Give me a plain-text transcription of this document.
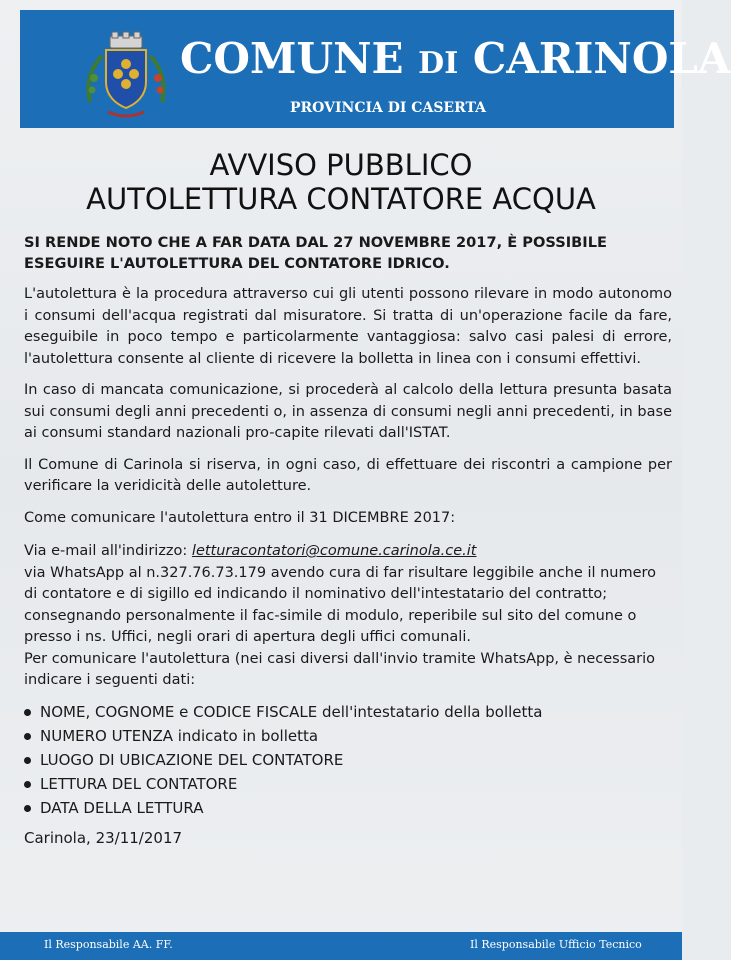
COMUNE DI CARINOLA
PROVINCIA DI CASERTA
AVVISO PUBBLICO
AUTOLETTURA CONTATORE ACQUA

SI RENDE NOTO CHE A FAR DATA DAL 27 NOVEMBRE 2017, È POSSIBILE ESEGUIRE L'AUTOLETTURA DEL CONTATORE IDRICO.

L'autolettura è la procedura attraverso cui gli utenti possono rilevare in modo autonomo i consumi dell'acqua registrati dal misuratore. Si tratta di un'operazione facile da fare, eseguibile in poco tempo e particolarmente vantaggiosa: salvo casi palesi di errore, l'autolettura consente al cliente di ricevere la bolletta in linea con i consumi effettivi.

In caso di mancata comunicazione, si procederà al calcolo della lettura presunta basata sui consumi degli anni precedenti o, in assenza di consumi negli anni precedenti, in base ai consumi standard nazionali pro-capite rilevati dall'ISTAT.

Il Comune di Carinola si riserva, in ogni caso, di effettuare dei riscontri a campione per verificare la veridicità delle autoletture.

Come comunicare l'autolettura entro il 31 DICEMBRE 2017:

Via e-mail all'indirizzo: letturacontatori@comune.carinola.ce.it

via WhatsApp al n.327.76.73.179 avendo cura di far risultare leggibile anche il numero di contatore e di sigillo ed indicando il nominativo dell'intestatario del contratto;

consegnando personalmente il fac-simile di modulo, reperibile sul sito del comune o presso i ns. Uffici, negli orari di apertura degli uffici comunali.

Per comunicare l'autolettura (nei casi diversi dall'invio tramite WhatsApp, è necessario indicare i seguenti dati:

NOME, COGNOME e CODICE FISCALE dell'intestatario della bolletta
NUMERO UTENZA indicato in bolletta
LUOGO DI UBICAZIONE DEL CONTATORE
LETTURA DEL CONTATORE
DATA DELLA LETTURA
Carinola, 23/11/2017
Il Responsabile AA. FF.	Il Responsabile Ufficio Tecnico
